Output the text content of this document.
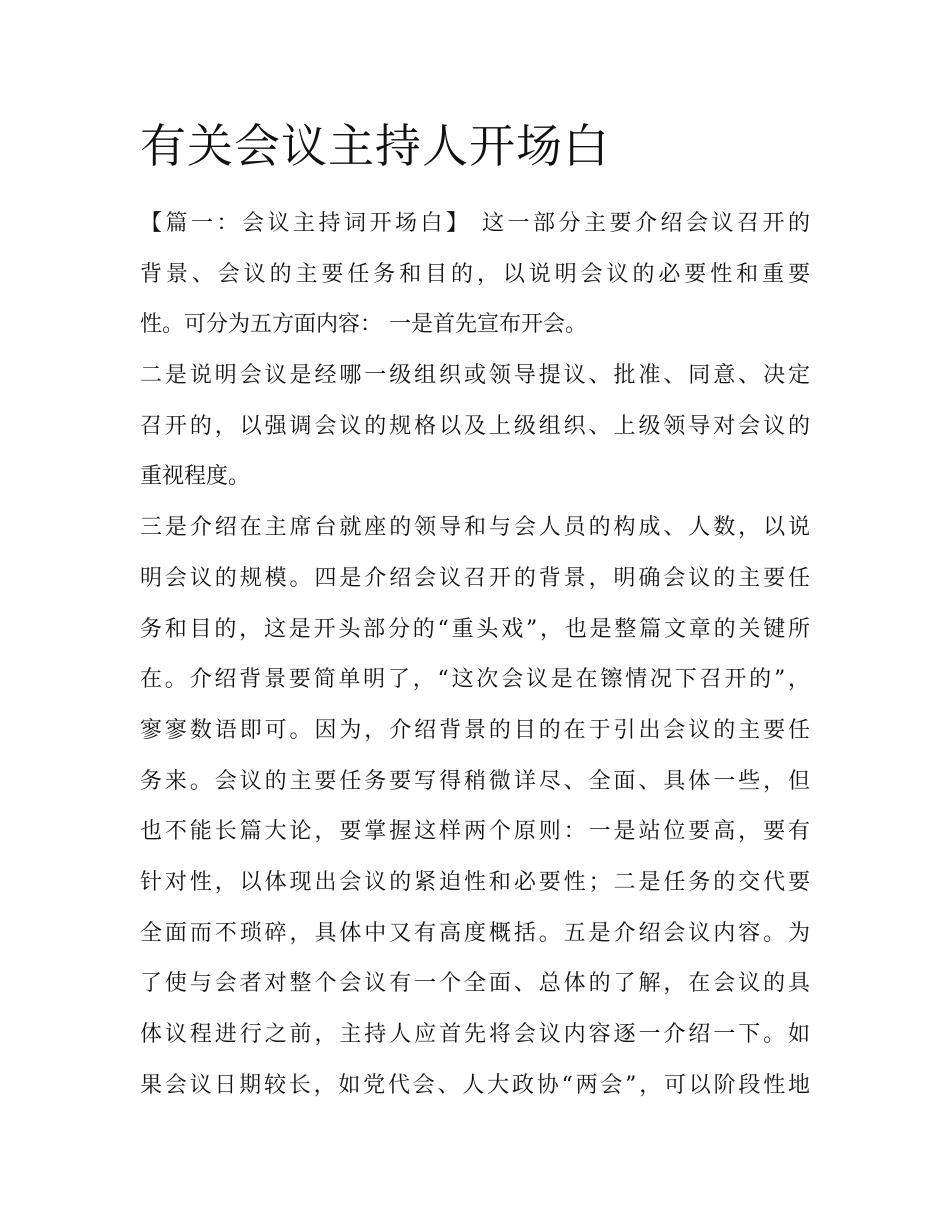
有关会议主持人开场白
【篇一：会议主持词开场白】 这一部分主要介绍会议召开的
背景、会议的主要任务和目的，以说明会议的必要性和重要
性。可分为五方面内容： 一是首先宣布开会。
二是说明会议是经哪一级组织或领导提议、批准、同意、决定
召开的，以强调会议的规格以及上级组织、上级领导对会议的
重视程度。
三是介绍在主席台就座的领导和与会人员的构成、人数，以说
明会议的规模。四是介绍会议召开的背景，明确会议的主要任
务和目的，这是开头部分的“重头戏”，也是整篇文章的关键所
在。介绍背景要简单明了，“这次会议是在镲情况下召开的”，
寥寥数语即可。因为，介绍背景的目的在于引出会议的主要任
务来。会议的主要任务要写得稍微详尽、全面、具体一些，但
也不能长篇大论，要掌握这样两个原则：一是站位要高，要有
针对性，以体现出会议的紧迫性和必要性；二是任务的交代要
全面而不琐碎，具体中又有高度概括。五是介绍会议内容。为
了使与会者对整个会议有一个全面、总体的了解，在会议的具
体议程进行之前，主持人应首先将会议内容逐一介绍一下。如
果会议日期较长，如党代会、人大政协“两会”，可以阶段性地
